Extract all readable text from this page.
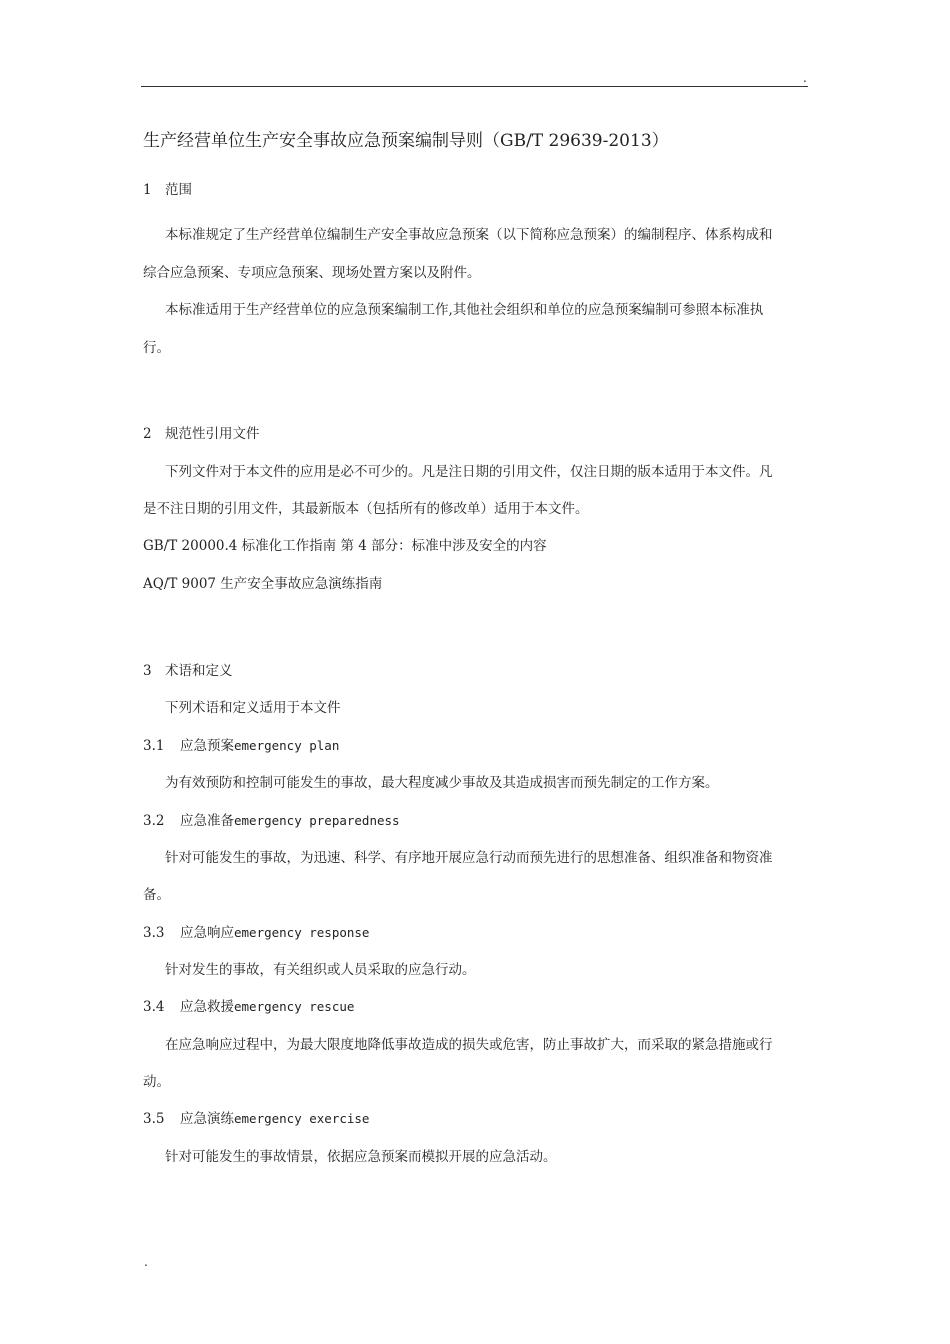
.
生产经营单位生产安全事故应急预案编制导则（GB/T 29639-2013）
1 范围
本标准规定了生产经营单位编制生产安全事故应急预案（以下简称应急预案）的编制程序、体系构成和
综合应急预案、专项应急预案、现场处置方案以及附件。
本标准适用于生产经营单位的应急预案编制工作,其他社会组织和单位的应急预案编制可参照本标准执
行。
2 规范性引用文件
下列文件对于本文件的应用是必不可少的。凡是注日期的引用文件，仅注日期的版本适用于本文件。凡
是不注日期的引用文件，其最新版本（包括所有的修改单）适用于本文件。
GB/T 20000.4 标准化工作指南 第 4 部分：标准中涉及安全的内容
AQ/T 9007 生产安全事故应急演练指南
3 术语和定义
下列术语和定义适用于本文件
3.1 应急预案emergency plan
为有效预防和控制可能发生的事故，最大程度减少事故及其造成损害而预先制定的工作方案。
3.2 应急准备emergency preparedness
针对可能发生的事故，为迅速、科学、有序地开展应急行动而预先进行的思想准备、组织准备和物资准
备。
3.3 应急响应emergency response
针对发生的事故，有关组织或人员采取的应急行动。
3.4 应急救援emergency rescue
在应急响应过程中，为最大限度地降低事故造成的损失或危害，防止事故扩大，而采取的紧急措施或行
动。
3.5 应急演练emergency exercise
针对可能发生的事故情景，依据应急预案而模拟开展的应急活动。
.
